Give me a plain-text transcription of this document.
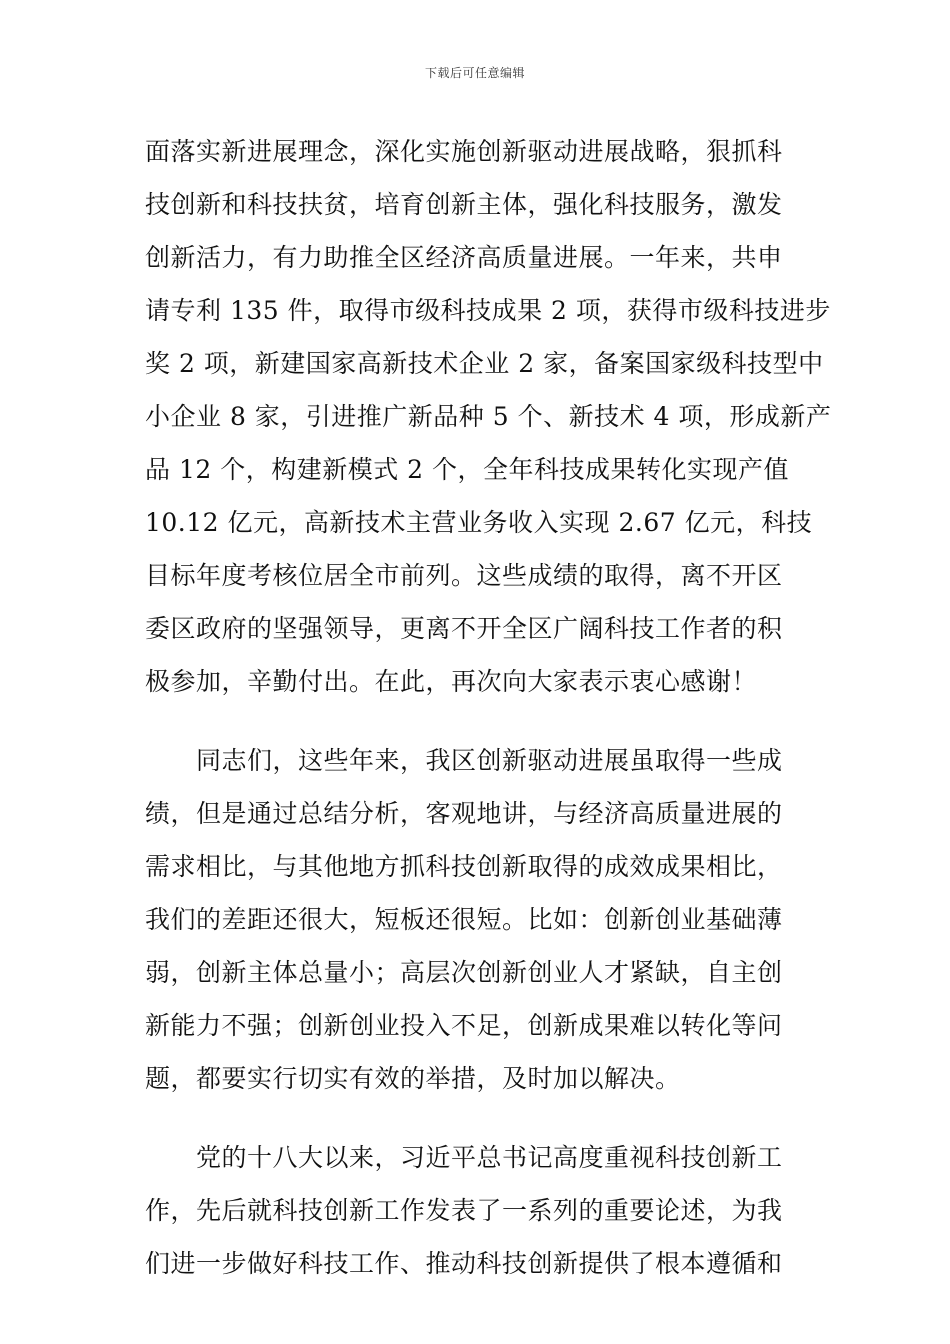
下载后可任意编辑
面落实新进展理念，深化实施创新驱动进展战略，狠抓科
技创新和科技扶贫，培育创新主体，强化科技服务，激发
创新活力，有力助推全区经济高质量进展。一年来，共申
请专利 135 件，取得市级科技成果 2 项，获得市级科技进步
奖 2 项，新建国家高新技术企业 2 家，备案国家级科技型中
小企业 8 家，引进推广新品种 5 个、新技术 4 项，形成新产
品 12 个，构建新模式 2 个，全年科技成果转化实现产值
10.12 亿元，高新技术主营业务收入实现 2.67 亿元，科技
目标年度考核位居全市前列。这些成绩的取得，离不开区
委区政府的坚强领导，更离不开全区广阔科技工作者的积
极参加，辛勤付出。在此，再次向大家表示衷心感谢！
　　同志们，这些年来，我区创新驱动进展虽取得一些成
绩，但是通过总结分析，客观地讲，与经济高质量进展的
需求相比，与其他地方抓科技创新取得的成效成果相比，
我们的差距还很大，短板还很短。比如：创新创业基础薄
弱，创新主体总量小；高层次创新创业人才紧缺，自主创
新能力不强；创新创业投入不足，创新成果难以转化等问
题，都要实行切实有效的举措，及时加以解决。
　　党的十八大以来，习近平总书记高度重视科技创新工
作，先后就科技创新工作发表了一系列的重要论述，为我
们进一步做好科技工作、推动科技创新提供了根本遵循和
